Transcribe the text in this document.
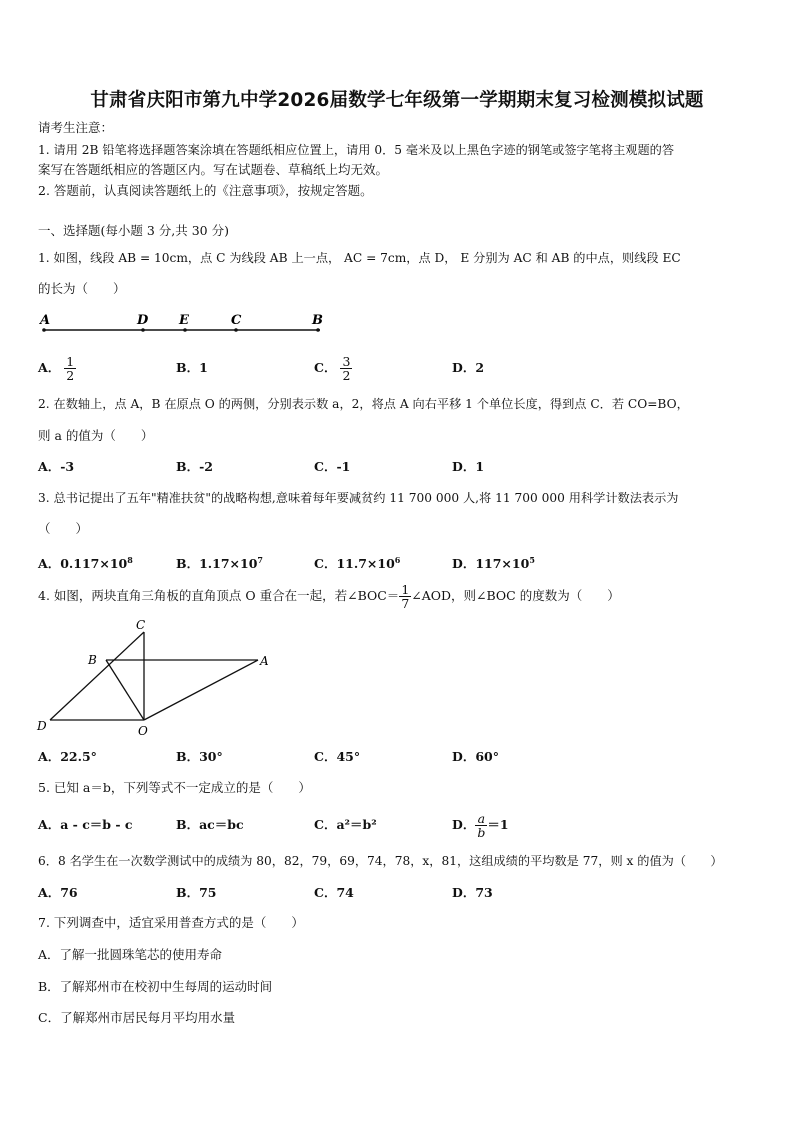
甘肃省庆阳市第九中学2026届数学七年级第一学期期末复习检测模拟试题
请考生注意：
1. 请用 2B 铅笔将选择题答案涂填在答题纸相应位置上，请用 0．5 毫米及以上黑色字迹的钢笔或签字笔将主观题的答
案写在答题纸相应的答题区内。写在试题卷、草稿纸上均无效。
2. 答题前，认真阅读答题纸上的《注意事项》，按规定答题。
一、选择题(每小题 3 分,共 30 分)
1. 如图，线段 AB = 10cm，点 C 为线段 AB 上一点， AC = 7cm，点 D， E 分别为 AC 和 AB 的中点，则线段 EC
的长为（　　）
A	D E	C	B
A． $\frac{1}{2}$	B．1	C． $\frac{3}{2}$	D．2
2. 在数轴上，点 A，B 在原点 O 的两侧，分别表示数 a，2，将点 A 向右平移 1 个单位长度，得到点 C．若 CO=BO，
则 a 的值为（　　）
A．-3	B．-2	C．-1	D．1
3. 总书记提出了五年"精准扶贫"的战略构想,意味着每年要减贫约 11 700 000 人,将 11 700 000 用科学计数法表示为
（　　）
A．$0.117\times 10^8$	B．$1.17\times 10^7$	C．$11.7\times 10^6$	D．$117\times 10^5$
4. 如图，两块直角三角板的直角顶点 O 重合在一起，若∠BOC＝ $\frac{1}{7}$ ∠AOD，则∠BOC 的度数为（　　）
C
B	A
D	O
A．22.5°	B．30°	C．45°	D．60°
5. 已知 a＝b，下列等式不一定成立的是（　　）
A．a - c＝b - c	B．ac＝bc	C．a²＝b²	D． $\frac{a}{b} =1$
6．8 名学生在一次数学测试中的成绩为 80，82，79，69，74，78，x，81，这组成绩的平均数是 77，则 x 的值为（　　）
A．76	B．75	C．74	D．73
7. 下列调查中，适宜采用普查方式的是（　　）
A．了解一批圆珠笔芯的使用寿命
B．了解郑州市在校初中生每周的运动时间
C．了解郑州市居民每月平均用水量
